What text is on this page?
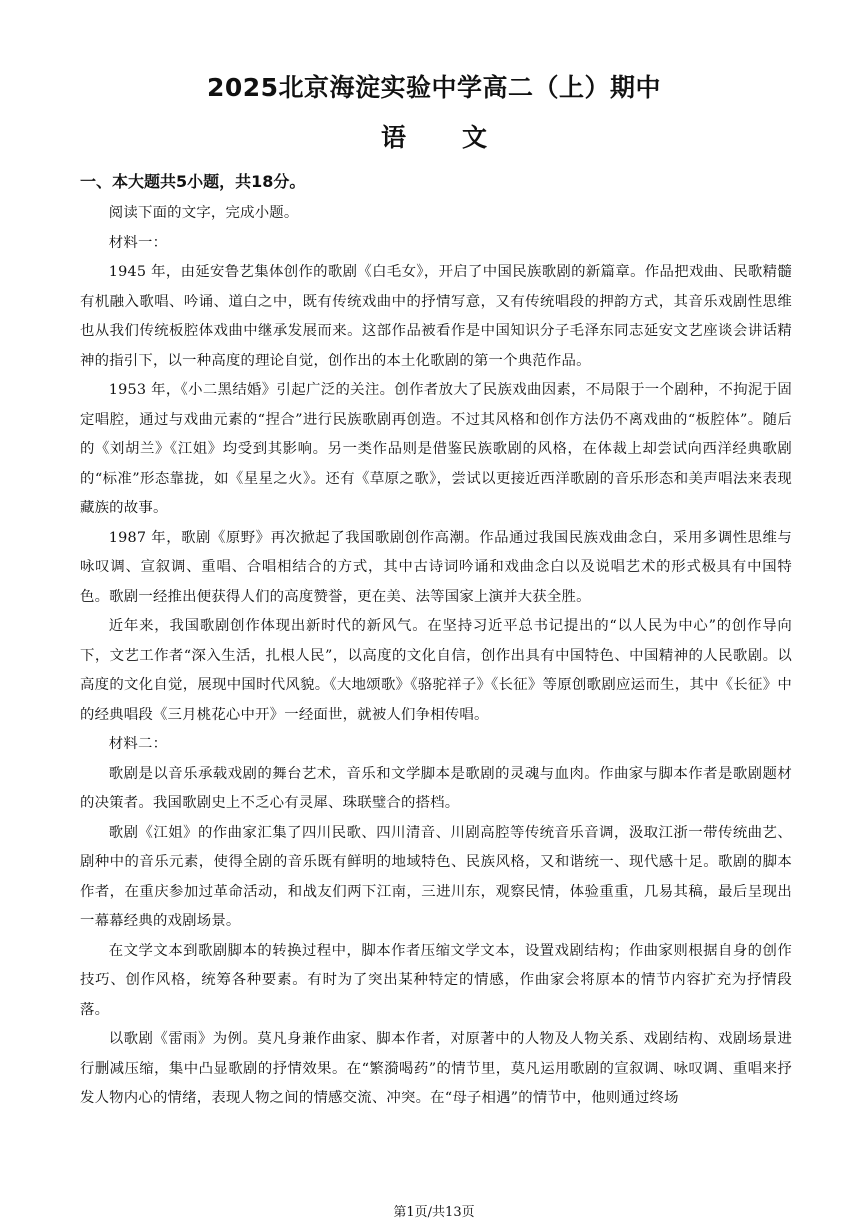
2025北京海淀实验中学高二（上）期中
语文
一、本大题共5小题，共18分。

阅读下面的文字，完成小题。

材料一：

1945 年，由延安鲁艺集体创作的歌剧《白毛女》，开启了中国民族歌剧的新篇章。作品把戏曲、民歌精髓有机融入歌唱、吟诵、道白之中，既有传统戏曲中的抒情写意，又有传统唱段的押韵方式，其音乐戏剧性思维也从我们传统板腔体戏曲中继承发展而来。这部作品被看作是中国知识分子毛泽东同志延安文艺座谈会讲话精神的指引下，以一种高度的理论自觉，创作出的本土化歌剧的第一个典范作品。

1953 年，《小二黑结婚》引起广泛的关注。创作者放大了民族戏曲因素，不局限于一个剧种，不拘泥于固定唱腔，通过与戏曲元素的“捏合”进行民族歌剧再创造。不过其风格和创作方法仍不离戏曲的“板腔体”。随后的《刘胡兰》《江姐》均受到其影响。另一类作品则是借鉴民族歌剧的风格，在体裁上却尝试向西洋经典歌剧的“标准”形态靠拢，如《星星之火》。还有《草原之歌》，尝试以更接近西洋歌剧的音乐形态和美声唱法来表现藏族的故事。

1987 年，歌剧《原野》再次掀起了我国歌剧创作高潮。作品通过我国民族戏曲念白，采用多调性思维与咏叹调、宣叙调、重唱、合唱相结合的方式，其中古诗词吟诵和戏曲念白以及说唱艺术的形式极具有中国特色。歌剧一经推出便获得人们的高度赞誉，更在美、法等国家上演并大获全胜。

近年来，我国歌剧创作体现出新时代的新风气。在坚持习近平总书记提出的“以人民为中心”的创作导向下，文艺工作者“深入生活，扎根人民”，以高度的文化自信，创作出具有中国特色、中国精神的人民歌剧。以高度的文化自觉，展现中国时代风貌。《大地颂歌》《骆驼祥子》《长征》等原创歌剧应运而生，其中《长征》中的经典唱段《三月桃花心中开》一经面世，就被人们争相传唱。

材料二：

歌剧是以音乐承载戏剧的舞台艺术，音乐和文学脚本是歌剧的灵魂与血肉。作曲家与脚本作者是歌剧题材的决策者。我国歌剧史上不乏心有灵犀、珠联璧合的搭档。

歌剧《江姐》的作曲家汇集了四川民歌、四川清音、川剧高腔等传统音乐音调，汲取江浙一带传统曲艺、剧种中的音乐元素，使得全剧的音乐既有鲜明的地域特色、民族风格，又和谐统一、现代感十足。歌剧的脚本作者，在重庆参加过革命活动，和战友们两下江南，三进川东，观察民情，体验重重，几易其稿，最后呈现出一幕幕经典的戏剧场景。

在文学文本到歌剧脚本的转换过程中，脚本作者压缩文学文本，设置戏剧结构；作曲家则根据自身的创作技巧、创作风格，统筹各种要素。有时为了突出某种特定的情感，作曲家会将原本的情节内容扩充为抒情段落。

以歌剧《雷雨》为例。莫凡身兼作曲家、脚本作者，对原著中的人物及人物关系、戏剧结构、戏剧场景进行删减压缩，集中凸显歌剧的抒情效果。在“繁漪喝药”的情节里，莫凡运用歌剧的宣叙调、咏叹调、重唱来抒发人物内心的情绪，表现人物之间的情感交流、冲突。在“母子相遇”的情节中，他则通过终场

第1页/共13页
